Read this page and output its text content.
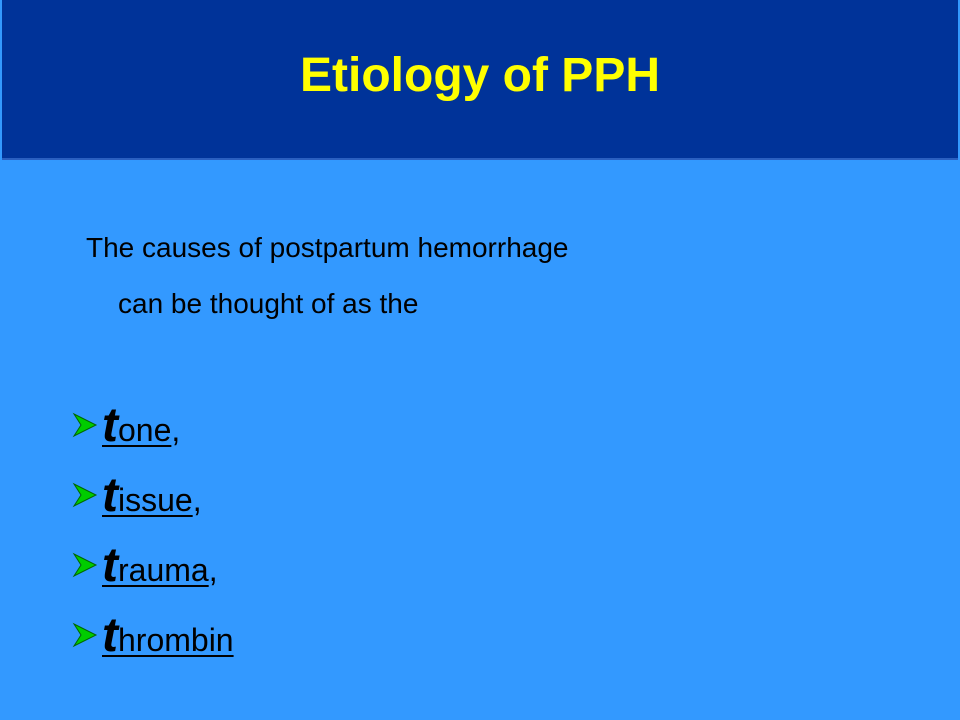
Etiology of PPH
The causes of postpartum hemorrhage
can be thought of as the
tone ,
tissue ,
trauma ,
thrombin
